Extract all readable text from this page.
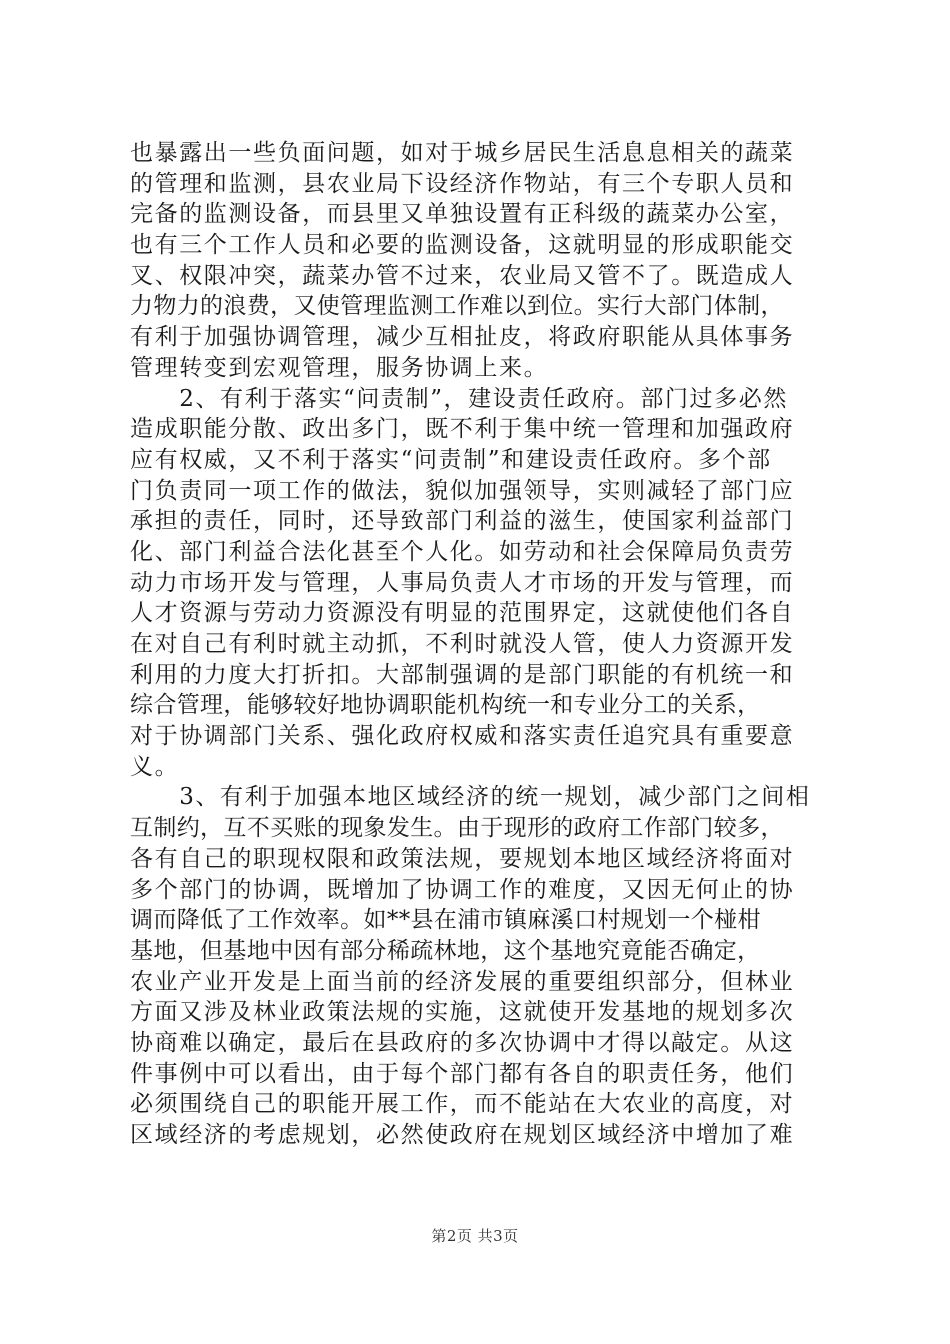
也暴露出一些负面问题，如对于城乡居民生活息息相关的蔬菜
的管理和监测，县农业局下设经济作物站，有三个专职人员和
完备的监测设备，而县里又单独设置有正科级的蔬菜办公室，
也有三个工作人员和必要的监测设备，这就明显的形成职能交
叉、权限冲突，蔬菜办管不过来，农业局又管不了。既造成人
力物力的浪费，又使管理监测工作难以到位。实行大部门体制，
有利于加强协调管理，减少互相扯皮，将政府职能从具体事务
管理转变到宏观管理，服务协调上来。
　　2、有利于落实“问责制”，建设责任政府。部门过多必然
造成职能分散、政出多门，既不利于集中统一管理和加强政府
应有权威，又不利于落实“问责制”和建设责任政府。多个部
门负责同一项工作的做法，貌似加强领导，实则减轻了部门应
承担的责任，同时，还导致部门利益的滋生，使国家利益部门
化、部门利益合法化甚至个人化。如劳动和社会保障局负责劳
动力市场开发与管理，人事局负责人才市场的开发与管理，而
人才资源与劳动力资源没有明显的范围界定，这就使他们各自
在对自己有利时就主动抓，不利时就没人管，使人力资源开发
利用的力度大打折扣。大部制强调的是部门职能的有机统一和
综合管理，能够较好地协调职能机构统一和专业分工的关系，
对于协调部门关系、强化政府权威和落实责任追究具有重要意
义。
　　3、有利于加强本地区域经济的统一规划，减少部门之间相
互制约，互不买账的现象发生。由于现形的政府工作部门较多，
各有自己的职现权限和政策法规，要规划本地区域经济将面对
多个部门的协调，既增加了协调工作的难度，又因无何止的协
调而降低了工作效率。如**县在浦市镇麻溪口村规划一个椪柑
基地，但基地中因有部分稀疏林地，这个基地究竟能否确定，
农业产业开发是上面当前的经济发展的重要组织部分，但林业
方面又涉及林业政策法规的实施，这就使开发基地的规划多次
协商难以确定，最后在县政府的多次协调中才得以敲定。从这
件事例中可以看出，由于每个部门都有各自的职责任务，他们
必须围绕自己的职能开展工作，而不能站在大农业的高度，对
区域经济的考虑规划，必然使政府在规划区域经济中增加了难
第2页 共3页
